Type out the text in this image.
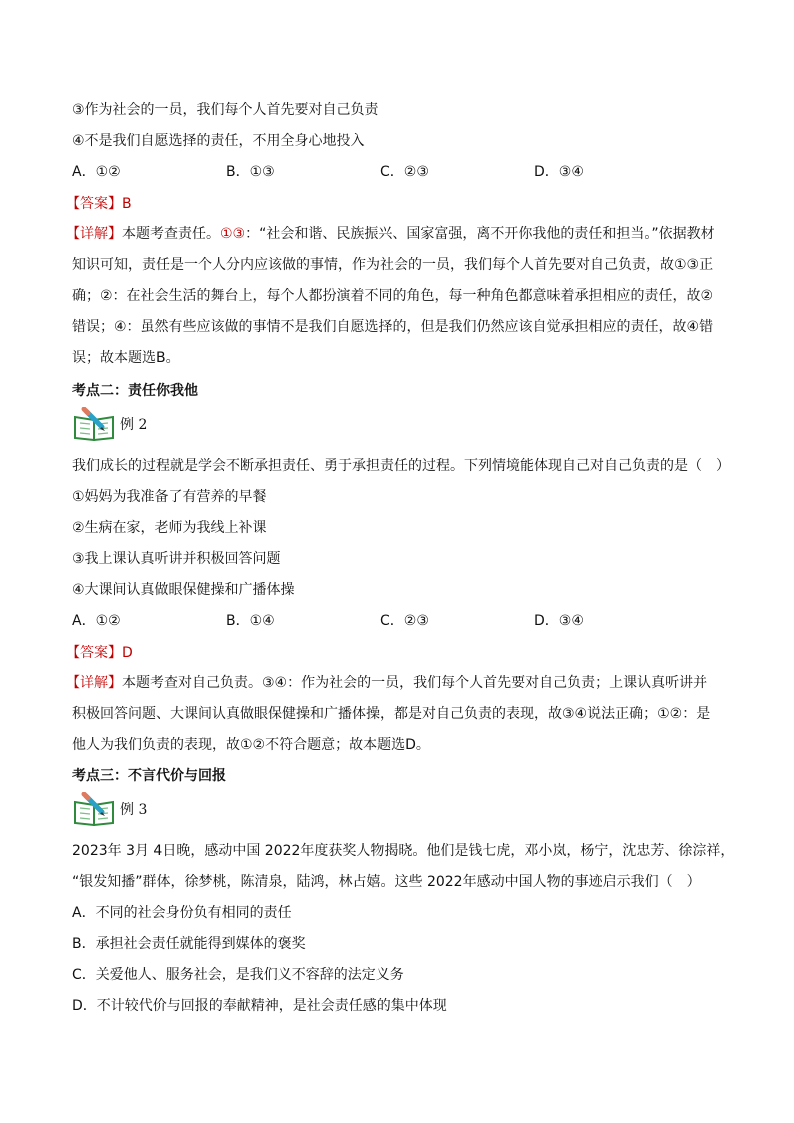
③作为社会的一员，我们每个人首先要对自己负责
④不是我们自愿选择的责任，不用全身心地投入
A．①②	B．①③	C．②③	D．③④
【答案】B
【详解】本题考查责任。①③：“社会和谐、民族振兴、国家富强，离不开你我他的责任和担当。”依据教材
知识可知，责任是一个人分内应该做的事情，作为社会的一员，我们每个人首先要对自己负责，故①③正
确；②：在社会生活的舞台上，每个人都扮演着不同的角色，每一种角色都意味着承担相应的责任，故②
错误；④：虽然有些应该做的事情不是我们自愿选择的，但是我们仍然应该自觉承担相应的责任，故④错
误；故本题选B。
考点二：责任你我他
例 2
我们成长的过程就是学会不断承担责任、勇于承担责任的过程。下列情境能体现自己对自己负责的是（　）
①妈妈为我准备了有营养的早餐
②生病在家，老师为我线上补课
③我上课认真听讲并积极回答问题
④大课间认真做眼保健操和广播体操
A．①②	B．①④	C．②③	D．③④
【答案】D
【详解】本题考查对自己负责。③④：作为社会的一员，我们每个人首先要对自己负责；上课认真听讲并
积极回答问题、大课间认真做眼保健操和广播体操，都是对自己负责的表现，故③④说法正确；①②：是
他人为我们负责的表现，故①②不符合题意；故本题选D。
考点三：不言代价与回报
例 3
2023年 3月 4日晚，感动中国 2022年度获奖人物揭晓。他们是钱七虎，邓小岚，杨宁，沈忠芳、徐淙祥，
“银发知播”群体，徐梦桃，陈清泉，陆鸿，林占嬉。这些 2022年感动中国人物的事迹启示我们（　）
A．不同的社会身份负有相同的责任
B．承担社会责任就能得到媒体的褒奖
C．关爱他人、服务社会，是我们义不容辞的法定义务
D．不计较代价与回报的奉献精神，是社会责任感的集中体现
